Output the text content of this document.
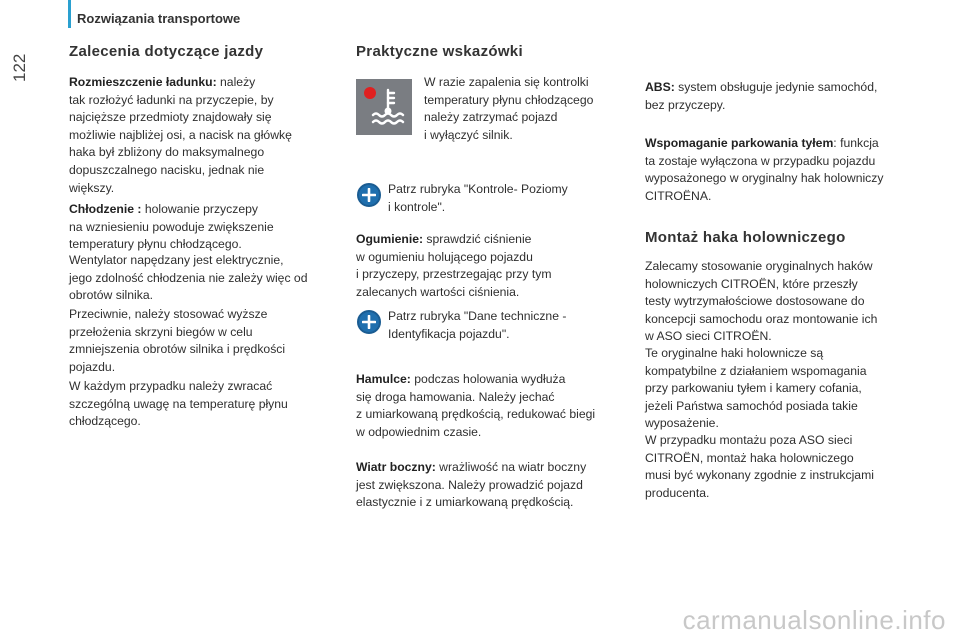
Rozwiązania transportowe
122
Zalecenia dotyczące jazdy

Rozmieszczenie ładunku: należy

tak rozłożyć ładunki na przyczepie, by

najcięższe przedmioty znajdowały się

możliwie najbliżej osi, a nacisk na główkę

haka był zbliżony do maksymalnego

dopuszczalnego nacisku, jednak nie

większy.

Chłodzenie : holowanie przyczepy

na wzniesieniu powoduje zwiększenie

temperatury płynu chłodzącego.

Wentylator napędzany jest elektrycznie,

jego zdolność chłodzenia nie zależy więc od

obrotów silnika.

Przeciwnie, należy stosować wyższe

przełożenia skrzyni biegów w celu

zmniejszenia obrotów silnika i prędkości

pojazdu.

W każdym przypadku należy zwracać

szczególną uwagę na temperaturę płynu

chłodzącego.

Praktyczne wskazówki

W razie zapalenia się kontrolki

temperatury płynu chłodzącego

należy zatrzymać pojazd

i wyłączyć silnik.

Patrz rubryka "Kontrole- Poziomy

i kontrole".

Ogumienie: sprawdzić ciśnienie

w ogumieniu holującego pojazdu

i przyczepy, przestrzegając przy tym

zalecanych wartości ciśnienia.

Patrz rubryka "Dane techniczne -

Identyfikacja pojazdu".

Hamulce: podczas holowania wydłuża

się droga hamowania. Należy jechać

z umiarkowaną prędkością, redukować biegi

w odpowiednim czasie.

Wiatr boczny: wrażliwość na wiatr boczny

jest zwiększona. Należy prowadzić pojazd

elastycznie i z umiarkowaną prędkością.

ABS: system obsługuje jedynie samochód,

bez przyczepy.

Wspomaganie parkowania tyłem: funkcja

ta zostaje wyłączona w przypadku pojazdu

wyposażonego w oryginalny hak holowniczy

CITROËNA.

Montaż haka holowniczego

Zalecamy stosowanie oryginalnych haków

holowniczych CITROËN, które przeszły

testy wytrzymałościowe dostosowane do

koncepcji samochodu oraz montowanie ich

w ASO sieci CITROËN.

Te oryginalne haki holownicze są

kompatybilne z działaniem wspomagania

przy parkowaniu tyłem i kamery cofania,

jeżeli Państwa samochód posiada takie

wyposażenie.

W przypadku montażu poza ASO sieci

CITROËN, montaż haka holowniczego

musi być wykonany zgodnie z instrukcjami

producenta.

carmanualsonline.info
